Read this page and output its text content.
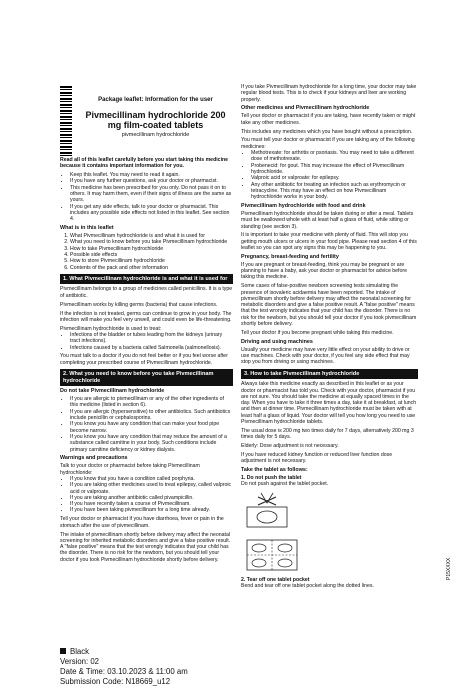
Package leaflet: Information for the user
Pivmecillinam hydrochloride 200 mg film-coated tablets
pivmecillinam hydrochloride

Read all of this leaflet carefully before you start taking this medicine because it contains important information for you.

• Keep this leaflet. You may need to read it again.
• If you have any further questions, ask your doctor or pharmacist.
• This medicine has been prescribed for you only. Do not pass it on to others. It may harm them, even if their signs of illness are the same as yours.
• If you get any side effects, talk to your doctor or pharmacist. This includes any possible side effects not listed in this leaflet. See section 4.
What is in this leaflet
1. What Pivmecillinam hydrochloride is and what it is used for
2. What you need to know before you take Pivmecillinam hydrochloride
3. How to take Pivmecillinam hydrochloride
4. Possible side effects
5. How to store Pivmecillinam hydrochloride
6. Contents of the pack and other information
1. What Pivmecillinam hydrochloride is and what it is used for

Pivmecillinam belongs to a group of medicines called penicillins. It is a type of antibiotic.

Pivmecillinam works by killing germs (bacteria) that cause infections.

If the infection is not treated, germs can continue to grow in your body. The infection will make you feel very unwell, and could even be life-threatening.

Pivmecillinam hydrochloride is used to treat:

• Infections of the bladder or tubes leading from the kidneys (urinary tract infections).
• Infections caused by a bacteria called Salmonella (salmonellosis).

You must talk to a doctor if you do not feel better or if you feel worse after completing your prescribed course of Pivmecillinam hydrochloride.

2. What you need to know before you take Pivmecillinam hydrochloride
Do not take Pivmecillinam hydrochloride
• If you are allergic to pivmecillinam or any of the other ingredients of this medicine (listed in section 6).
• If you are allergic (hypersensitive) to other antibiotics. Such antibiotics include penicillin or cephalosporins.
• If you know you have any condition that can make your food pipe become narrow.
• If you know you have any condition that may reduce the amount of a substance called carnitine in your body. Such conditions include primary carnitine deficiency or kidney dialysis.
Warnings and precautions

Talk to your doctor or pharmacist before taking Pivmecillinam hydrochloride:

• If you know that you have a condition called porphyria.
• If you are taking other medicines used to treat epilepsy, called valproic acid or valproate.
• If you are taking another antibiotic called pivampicillin.
• If you have recently taken a course of Pivmecillinam.
• If you have been taking pivmecillinam for a long time already.

Tell your doctor or pharmacist if you have diarrhoea, fever or pain in the stomach after the use of pivmecillinam.

The intake of pivmecillinam shortly before delivery may affect the neonatal screening for inherited metabolic disorders and give a false positive result. A "false positive" means that the test wrongly indicates that your child has the disorder. There is no risk for the newborn, but you should tell your doctor if you took Pivmecillinam hydrochloride shortly before delivery.

If you take Pivmecillinam hydrochloride for a long time, your doctor may take regular blood tests. This is to check if your kidneys and liver are working properly.

Other medicines and Pivmecillinam hydrochloride

Tell your doctor or pharmacist if you are taking, have recently taken or might take any other medicines.

This includes any medicines which you have bought without a prescription.

You must tell your doctor or pharmacist if you are taking any of the following medicines:

• Methotrexate: for arthritis or psoriasis. You may need to take a different dose of methotrexate.
• Probenecid: for gout. This may increase the effect of Pivmecillinam hydrochloride.
• Valproic acid or valproate: for epilepsy.
• Any other antibiotic for treating an infection such as erythromycin or tetracycline. This may have an effect on how Pivmecillinam hydrochloride works in your body.
Pivmecillinam hydrochloride with food and drink

Pivmecillinam hydrochloride should be taken during or after a meal. Tablets must be swallowed whole with at least half a glass of fluid, while sitting or standing (see section 3).

It is important to take your medicine with plenty of fluid. This will stop you getting mouth ulcers or ulcers in your food pipe. Please read section 4 of this leaflet so you can spot any signs this may be happening to you.

Pregnancy, breast-feeding and fertility

If you are pregnant or breast-feeding, think you may be pregnant or are planning to have a baby, ask your doctor or pharmacist for advice before taking this medicine.

Some cases of false-positive newborn screening tests simulating the presence of isovaleric acidaemia have been reported. The intake of pivmecillinam shortly before delivery may affect the neonatal screening for metabolic disorders and give a false positive result. A "false positive" means that the test wrongly indicates that your child has the disorder. There is no risk for the newborn, but you should tell your doctor if you took pivmecillinam shortly before delivery.

Tell your doctor if you become pregnant while taking this medicine.

Driving and using machines

Usually your medicine may have very little effect on your ability to drive or use machines. Check with your doctor, if you feel any side effect that may stop you from driving or using machines.

3. How to take Pivmecillinam hydrochloride

Always take this medicine exactly as described in this leaflet or as your doctor or pharmacist has told you. Check with your doctor, pharmacist if you are not sure. You should take the medicine at equally spaced times in the day. When you have to take it three times a day, take it at breakfast, at lunch and then at dinner time. Pivmecillinam hydrochloride must be taken with at least half a glass of liquid. Your doctor will tell you how long you need to use Pivmecillinam hydrochloride tablets.

The usual dose is 200 mg two times daily for 7 days, alternatively 200 mg 3 times daily for 5 days.

Elderly: Dose adjustment is not necessary.

If you have reduced kidney function or reduced liver function dose adjustment is not necessary.

Take the tablet as follows:
1. Do not push the tablet
Do not push against the tablet pocket.
2. Tear off one tablet pocket
Bend and tear off one tablet pocket along the dotted lines.
P15XXXX
Black
Version: 02
Date & Time: 03.10.2023 & 11:00 am
Submission Code: N18669_u12
